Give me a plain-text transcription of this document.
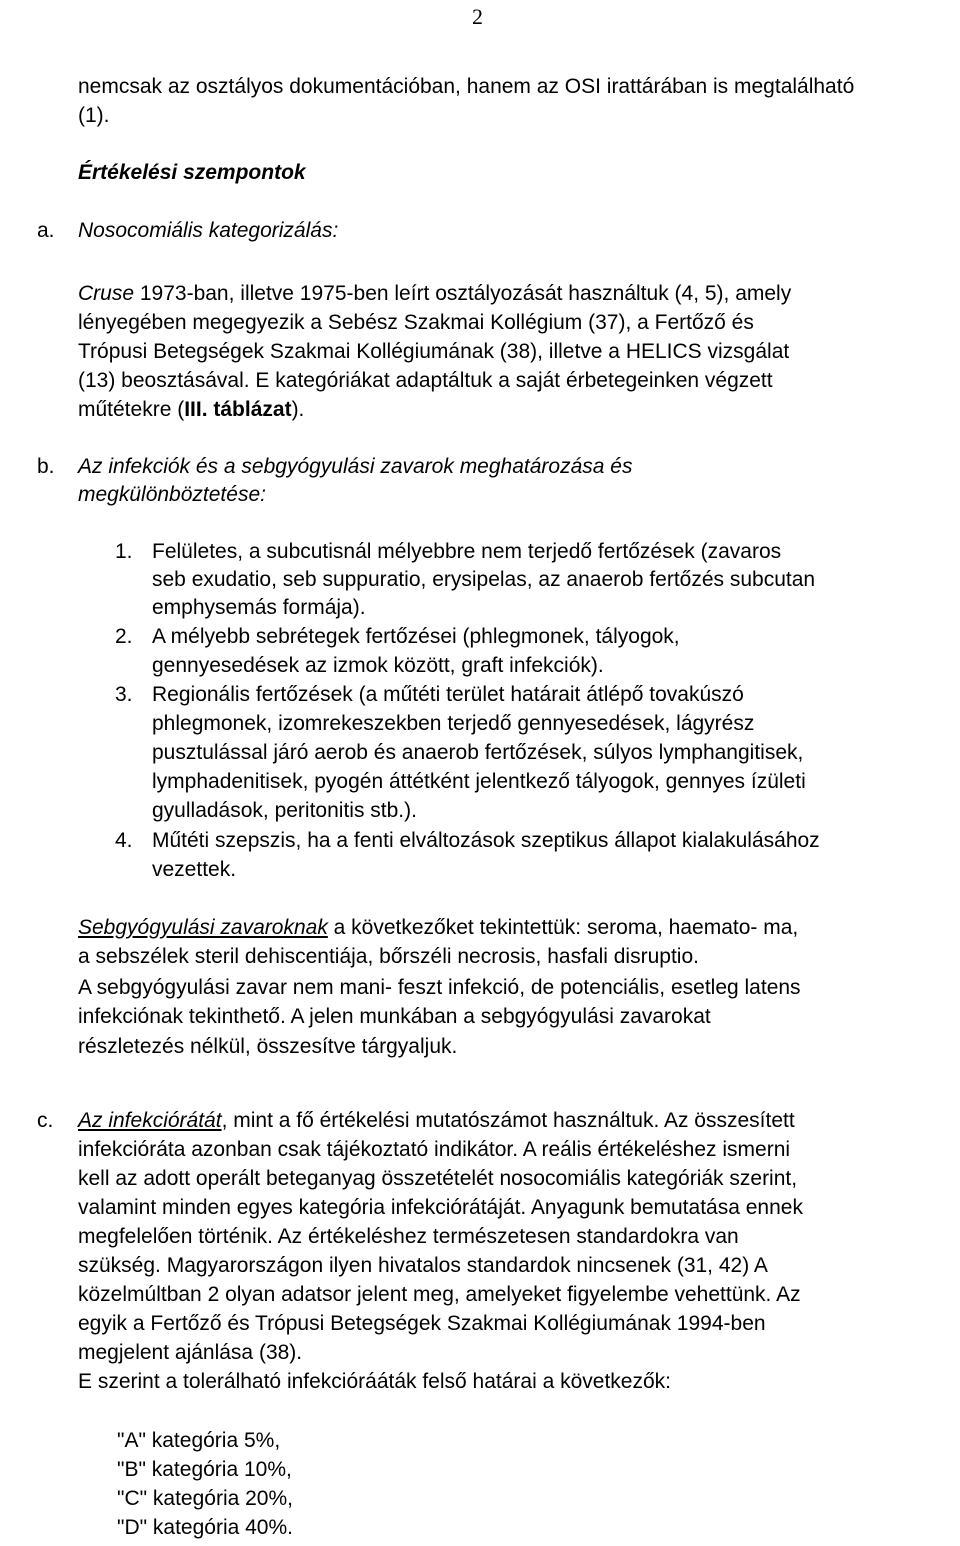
2
nemcsak az osztályos dokumentációban, hanem az OSI irattárában is megtalálható
(1).
Értékelési szempontok
a. Nosocomiális kategorizálás:
Cruse 1973-ban, illetve 1975-ben leírt osztályozását használtuk (4, 5), amely
lényegében megegyezik a Sebész Szakmai Kollégium (37), a Fertőző és
Trópusi Betegségek Szakmai Kollégiumának (38), illetve a HELICS vizsgálat
(13) beosztásával. E kategóriákat adaptáltuk a saját érbetegeinken végzett
műtétekre (III. táblázat).
b. Az infekciók és a sebgyógyulási zavarok meghatározása és
megkülönböztetése:
1. Felületes, a subcutisnál mélyebbre nem terjedő fertőzések (zavaros
seb exudatio, seb suppuratio, erysipelas, az anaerob fertőzés subcutan
emphysemás formája).
2. A mélyebb sebrétegek fertőzései (phlegmonek, tályogok,
gennyesedések az izmok között, graft infekciók).
3. Regionális fertőzések (a műtéti terület határait átlépő tovakúszó
phlegmonek, izomrekeszekben terjedő gennyesedések, lágyrész
pusztulással járó aerob és anaerob fertőzések, súlyos lymphangitisek,
lymphadenitisek, pyogén áttétként jelentkező tályogok, gennyes ízületi
gyulladások, peritonitis stb.).
4. Műtéti szepszis, ha a fenti elváltozások szeptikus állapot kialakulásához
vezettek.
Sebgyógyulási zavaroknak a következőket tekintettük: seroma, haemato- ma,
a sebszélek steril dehiscentiája, bőrszéli necrosis, hasfali disruptio.
A sebgyógyulási zavar nem mani- feszt infekció, de potenciális, esetleg latens
infekciónak tekinthető. A jelen munkában a sebgyógyulási zavarokat
részletezés nélkül, összesítve tárgyaljuk.
c. Az infekciórátát, mint a fő értékelési mutatószámot használtuk. Az összesített
infekcióráta azonban csak tájékoztató indikátor. A reális értékeléshez ismerni
kell az adott operált beteganyag összetételét nosocomiális kategóriák szerint,
valamint minden egyes kategória infekciórátáját. Anyagunk bemutatása ennek
megfelelően történik. Az értékeléshez természetesen standardokra van
szükség. Magyarországon ilyen hivatalos standardok nincsenek (31, 42) A
közelmúltban 2 olyan adatsor jelent meg, amelyeket figyelembe vehettünk. Az
egyik a Fertőző és Trópusi Betegségek Szakmai Kollégiumának 1994-ben
megjelent ajánlása (38).
E szerint a tolerálható infekciórááták felső határai a következők:
"A" kategória 5%,
"B" kategória 10%,
"C" kategória 20%,
"D" kategória 40%.
